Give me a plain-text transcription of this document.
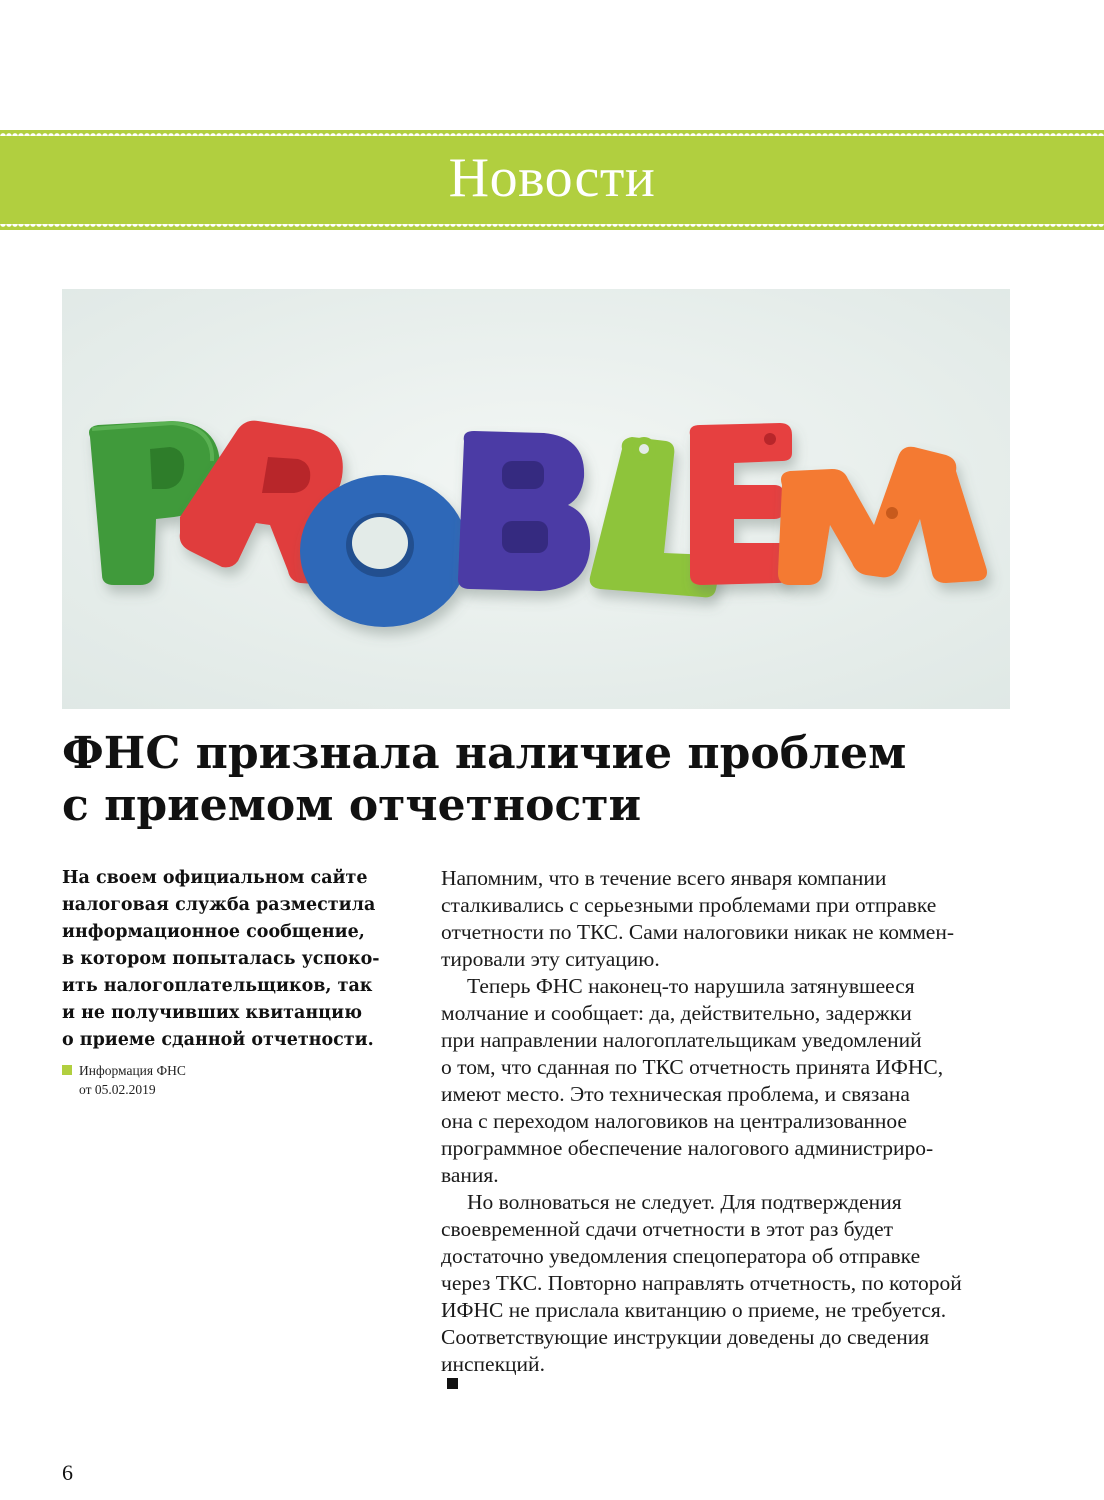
Новости
ФНС признала наличие проблем
с приемом отчетности
На своем официальном сайте
налоговая служба разместила
информационное сообщение,
в котором попыталась успоко-
ить налогоплательщиков, так
и не получивших квитанцию
о приеме сданной отчетности.
Информация ФНС
от 05.02.2019
Напомним, что в течение всего января компании
сталкивались с серьезными проблемами при отправке
отчетности по ТКС. Сами налоговики никак не коммен-
тировали эту ситуацию.
Теперь ФНС наконец-то нарушила затянувшееся
молчание и сообщает: да, действительно, задержки
при направлении налогоплательщикам уведомлений
о том, что сданная по ТКС отчетность принята ИФНС,
имеют место. Это техническая проблема, и связана
она с переходом налоговиков на централизованное
программное обеспечение налогового администриро-
вания.
Но волноваться не следует. Для подтверждения
своевременной сдачи отчетности в этот раз будет
достаточно уведомления спецоператора об отправке
через ТКС. Повторно направлять отчетность, по которой
ИФНС не прислала квитанцию о приеме, не требуется.
Соответствующие инструкции доведены до сведения
инспекций.
6
